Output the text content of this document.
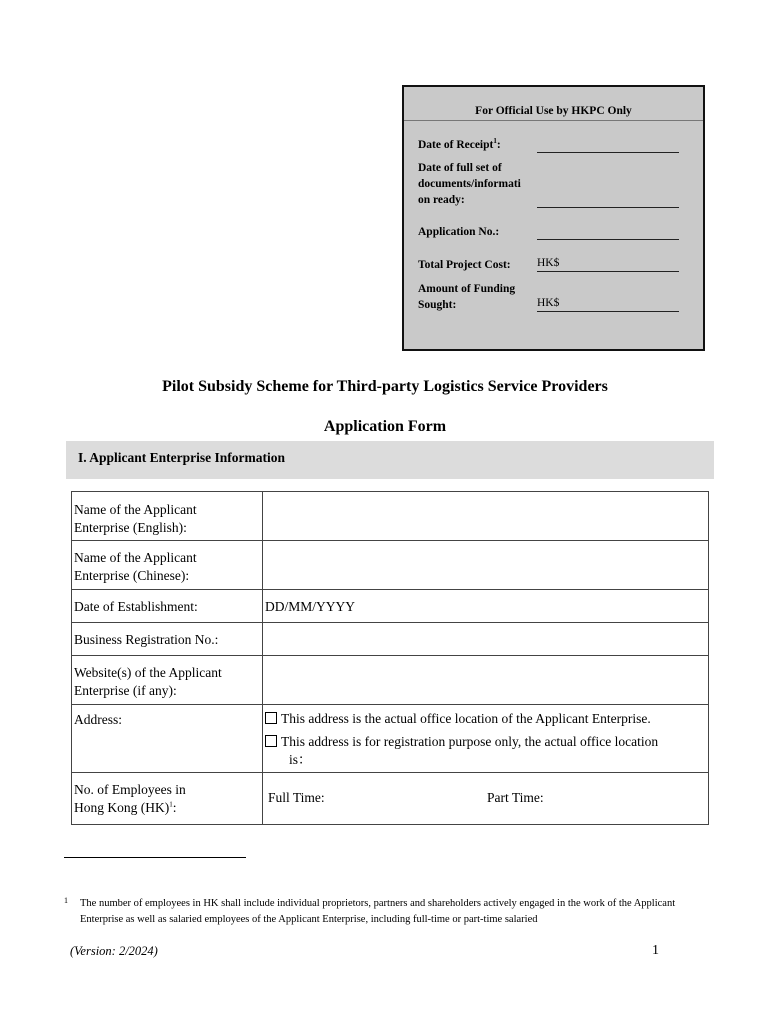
For Official Use by HKPC Only
Date of Receipt$^1$:
Date of full set of
documents/informati
on ready:
Application No.:
Total Project Cost: HK$
Amount of Funding
Sought:	HK$
Pilot Subsidy Scheme for Third-party Logistics Service Providers
Application Form
I. Applicant Enterprise Information
Name of the Applicant
Enterprise (English):	

Name of the Applicant
Enterprise (Chinese):	

Date of Establishment:	DD/MM/YYYY
Business Registration No.:	

Website(s) of the Applicant
Enterprise (if any):	

Address:	This address is the actual office location of the Applicant Enterprise.
This address is for registration purpose only, the actual office location
is：

No. of Employees in
Hong Kong (HK)$^1$:	Full Time: Part Time:
1 The number of employees in HK shall include individual proprietors, partners and shareholders actively engaged in the work of the Applicant Enterprise as well as salaried employees of the Applicant Enterprise, including full-time or part-time salaried
(Version: 2/2024)	1
